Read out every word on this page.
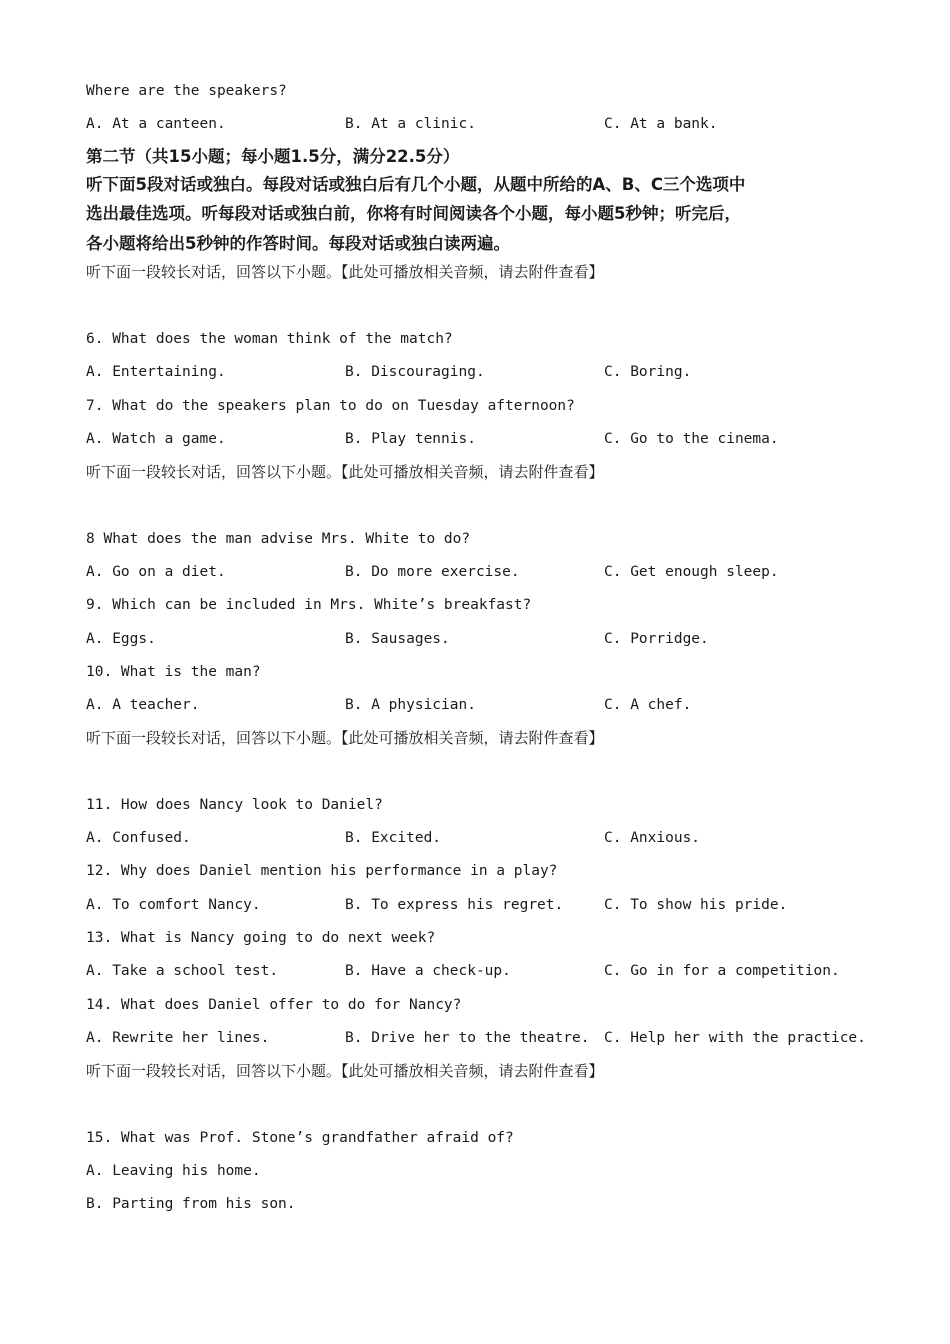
Where are the speakers?
A. At a canteen.	B. At a clinic.	C. At a bank.
第二节（共15小题；每小题1.5分，满分22.5分）
听下面5段对话或独白。每段对话或独白后有几个小题，从题中所给的A、B、C三个选项中
选出最佳选项。听每段对话或独白前，你将有时间阅读各个小题，每小题5秒钟；听完后，
各小题将给出5秒钟的作答时间。每段对话或独白读两遍。
听下面一段较长对话，回答以下小题。【此处可播放相关音频，请去附件查看】
6. What does the woman think of the match?
A. Entertaining.	B. Discouraging.	C. Boring.
7. What do the speakers plan to do on Tuesday afternoon?
A. Watch a game.	B. Play tennis.	C. Go to the cinema.
听下面一段较长对话，回答以下小题。【此处可播放相关音频，请去附件查看】
8 What does the man advise Mrs. White to do?
A. Go on a diet.	B. Do more exercise.	C. Get enough sleep.
9. Which can be included in Mrs. White’s breakfast?
A. Eggs.	B. Sausages.	C. Porridge.
10. What is the man?
A. A teacher.	B. A physician.	C. A chef.
听下面一段较长对话，回答以下小题。【此处可播放相关音频，请去附件查看】
11. How does Nancy look to Daniel?
A. Confused.	B. Excited.	C. Anxious.
12. Why does Daniel mention his performance in a play?
A. To comfort Nancy.	B. To express his regret.	C. To show his pride.
13. What is Nancy going to do next week?
A. Take a school test.	B. Have a check-up.	C. Go in for a competition.
14. What does Daniel offer to do for Nancy?
A. Rewrite her lines.	B. Drive her to the theatre. C. Help her with the practice.
听下面一段较长对话，回答以下小题。【此处可播放相关音频，请去附件查看】
15. What was Prof. Stone’s grandfather afraid of?
A. Leaving his home.
B. Parting from his son.
